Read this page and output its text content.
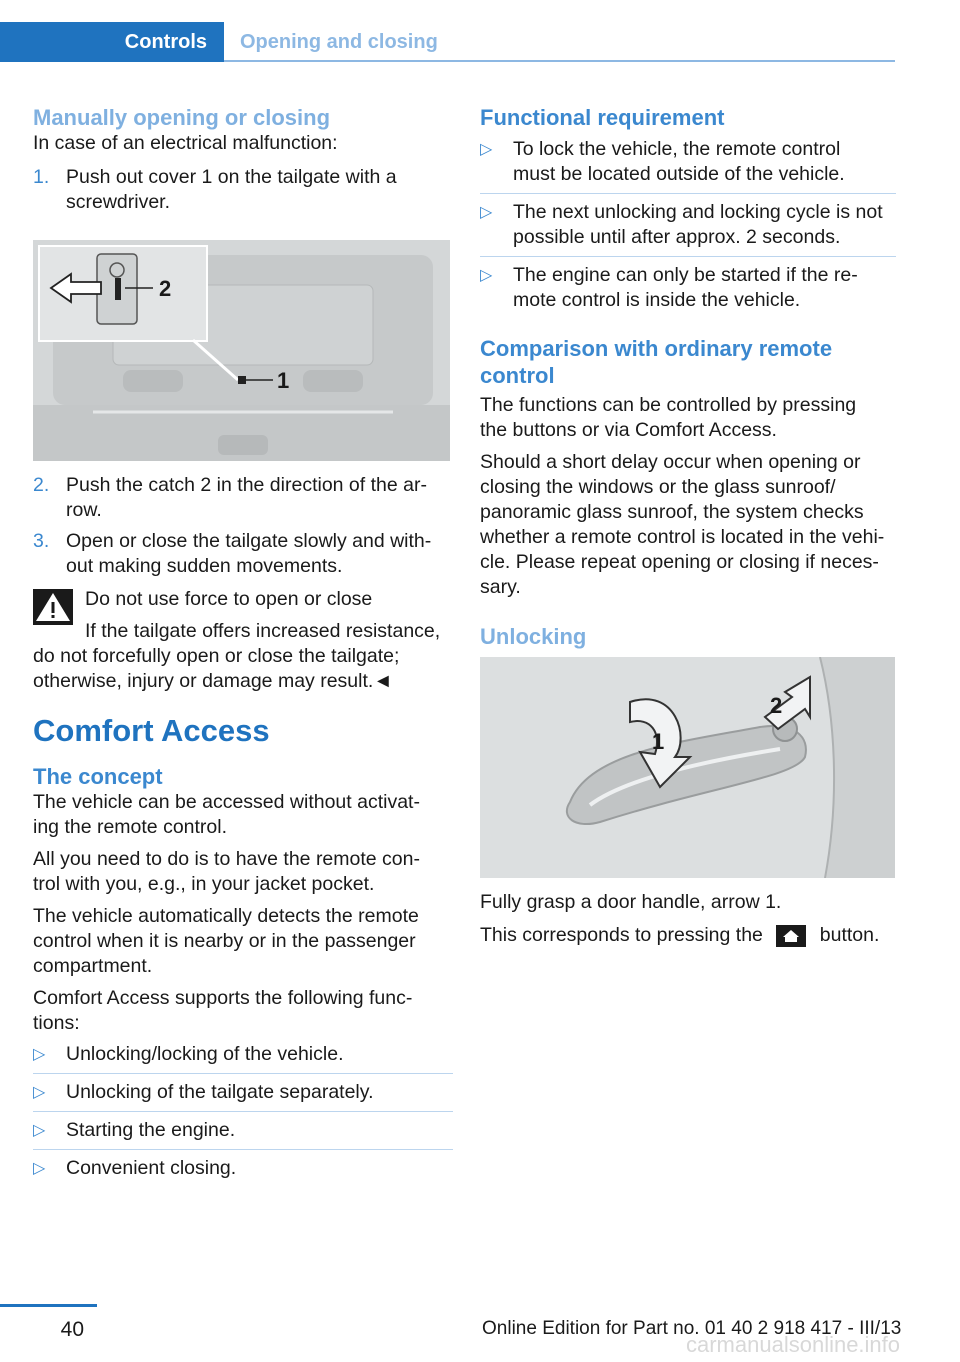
Controls	Opening and closing
Manually opening or closing
In case of an electrical malfunction:
1. Push out cover 1 on the tailgate with a
screwdriver.
2
1
2. Push the catch 2 in the direction of the ar-
row.
3. Open or close the tailgate slowly and with-
out making sudden movements.
Do not use force to open or close
If the tailgate offers increased resistance,
do not forcefully open or close the tailgate;
otherwise, injury or damage may result.◄
Comfort Access
The concept
The vehicle can be accessed without activat-
ing the remote control.
All you need to do is to have the remote con-
trol with you, e.g., in your jacket pocket.
The vehicle automatically detects the remote
control when it is nearby or in the passenger
compartment.
Comfort Access supports the following func-
tions:
▷ Unlocking/locking of the vehicle.
▷ Unlocking of the tailgate separately.
▷ Starting the engine.
▷ Convenient closing.
Functional requirement
▷ To lock the vehicle, the remote control
must be located outside of the vehicle.
▷ The next unlocking and locking cycle is not
possible until after approx. 2 seconds.
▷ The engine can only be started if the re-
mote control is inside the vehicle.
Comparison with ordinary remote
control
The functions can be controlled by pressing
the buttons or via Comfort Access.
Should a short delay occur when opening or
closing the windows or the glass sunroof/
panoramic glass sunroof, the system checks
whether a remote control is located in the vehi-
cle. Please repeat opening or closing if neces-
sary.
Unlocking
1
2
Fully grasp a door handle, arrow 1.
This corresponds to pressing the	button.
40	Online Edition for Part no. 01 40 2 918 417 - III/13
carmanualsonline.info
